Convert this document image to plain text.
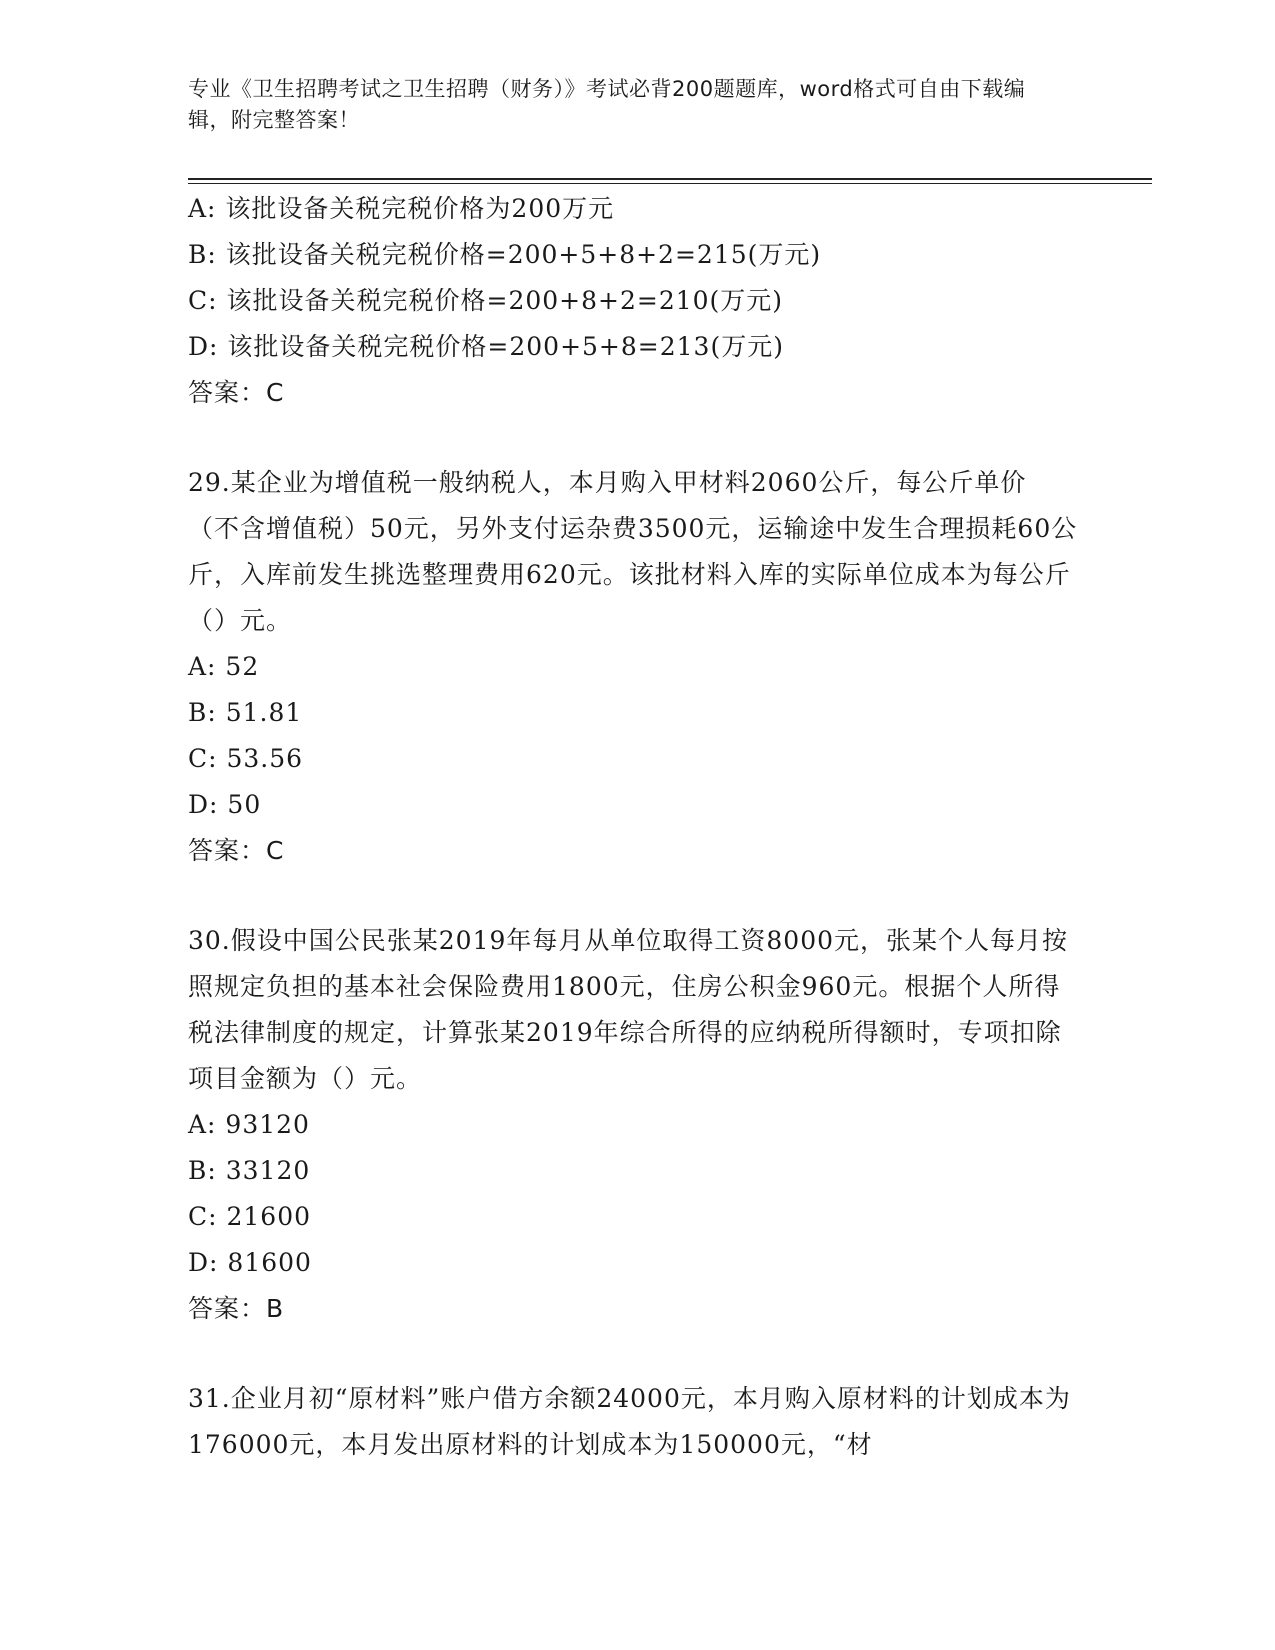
专业《卫生招聘考试之卫生招聘（财务）》考试必背200题题库，word格式可自由下载编辑，附完整答案！
A: 该批设备关税完税价格为200万元
B: 该批设备关税完税价格=200+5+8+2=215(万元)
C: 该批设备关税完税价格=200+8+2=210(万元)
D: 该批设备关税完税价格=200+5+8=213(万元)
答案：C
29.某企业为增值税一般纳税人，本月购入甲材料2060公斤，每公斤单价（不含增值税）50元，另外支付运杂费3500元，运输途中发生合理损耗60公斤，入库前发生挑选整理费用620元。该批材料入库的实际单位成本为每公斤（）元。
A: 52
B: 51.81
C: 53.56
D: 50
答案：C
30.假设中国公民张某2019年每月从单位取得工资8000元，张某个人每月按照规定负担的基本社会保险费用1800元，住房公积金960元。根据个人所得税法律制度的规定，计算张某2019年综合所得的应纳税所得额时，专项扣除项目金额为（）元。
A: 93120
B: 33120
C: 21600
D: 81600
答案：B
31.企业月初“原材料”账户借方余额24000元，本月购入原材料的计划成本为176000元，本月发出原材料的计划成本为150000元，“材
